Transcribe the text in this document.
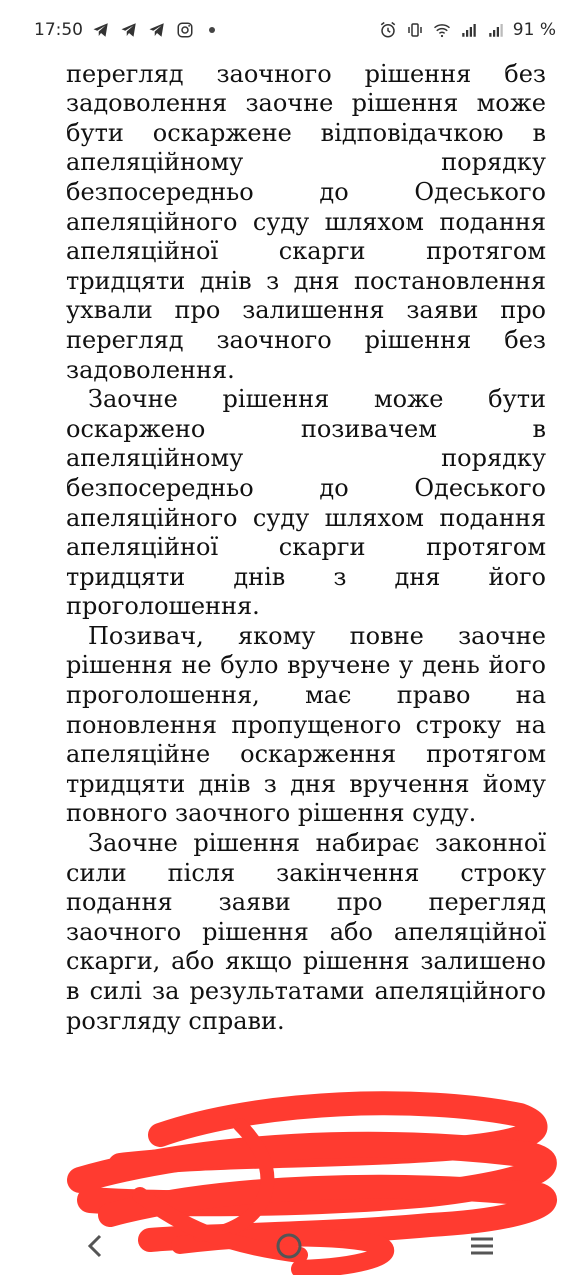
17:50	91 %

перегляд заочного рішення без задоволення заочне рішення може бути оскаржене відповідачкою в апеляційному порядку безпосередньо до Одеського апеляційного суду шляхом подання апеляційної скарги протягом тридцяти днів з дня постановлення ухвали про залишення заяви про перегляд заочного рішення без задоволення.

Заочне рішення може бути оскаржено позивачем в апеляційному порядку безпосередньо до Одеського апеляційного суду шляхом подання апеляційної скарги протягом тридцяти днів з дня його проголошення.

Позивач, якому повне заочне рішення не було вручене у день його проголошення, має право на поновлення пропущеного строку на апеляційне оскарження протягом тридцяти днів з дня вручення йому повного заочного рішення суду.

Заочне рішення набирає законної сили після закінчення строку подання заяви про перегляд заочного рішення або апеляційної скарги, або якщо рішення залишено в силі за результатами апеляційного розгляду справи.
